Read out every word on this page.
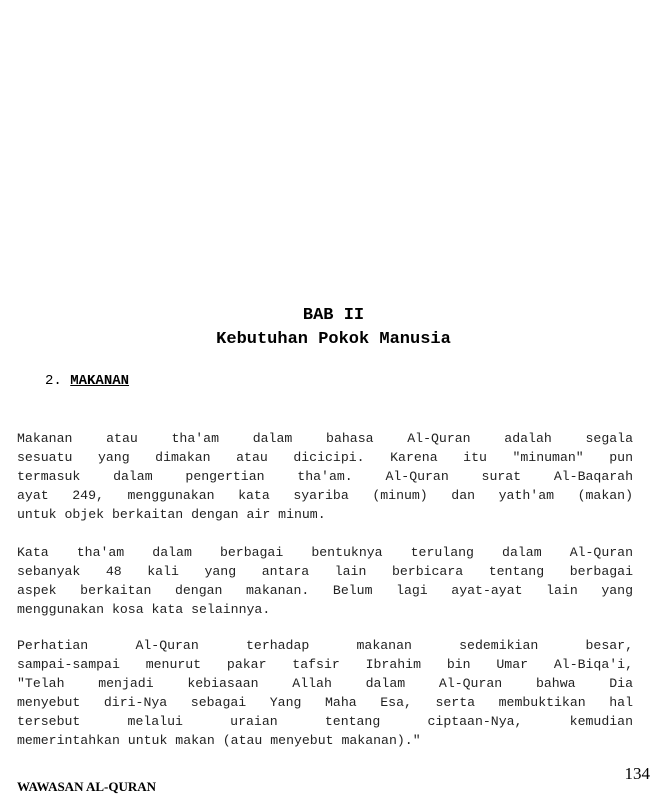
BAB II
Kebutuhan Pokok Manusia
2. MAKANAN
Makanan atau tha'am dalam bahasa Al-Quran adalah segala
sesuatu yang dimakan atau dicicipi. Karena itu "minuman" pun
termasuk dalam pengertian tha'am. Al-Quran surat Al-Baqarah
ayat 249, menggunakan kata syariba (minum) dan yath'am (makan)
untuk objek berkaitan dengan air minum.
Kata tha'am dalam berbagai bentuknya terulang dalam Al-Quran
sebanyak 48 kali yang antara lain berbicara tentang berbagai
aspek berkaitan dengan makanan. Belum lagi ayat-ayat lain yang
menggunakan kosa kata selainnya.
Perhatian Al-Quran terhadap makanan sedemikian besar,
sampai-sampai menurut pakar tafsir Ibrahim bin Umar Al-Biqa'i,
"Telah menjadi kebiasaan Allah dalam Al-Quran bahwa Dia
menyebut diri-Nya sebagai Yang Maha Esa, serta membuktikan hal
tersebut melalui uraian tentang ciptaan-Nya, kemudian
memerintahkan untuk makan (atau menyebut makanan)."
WAWASAN AL-QURAN
134
